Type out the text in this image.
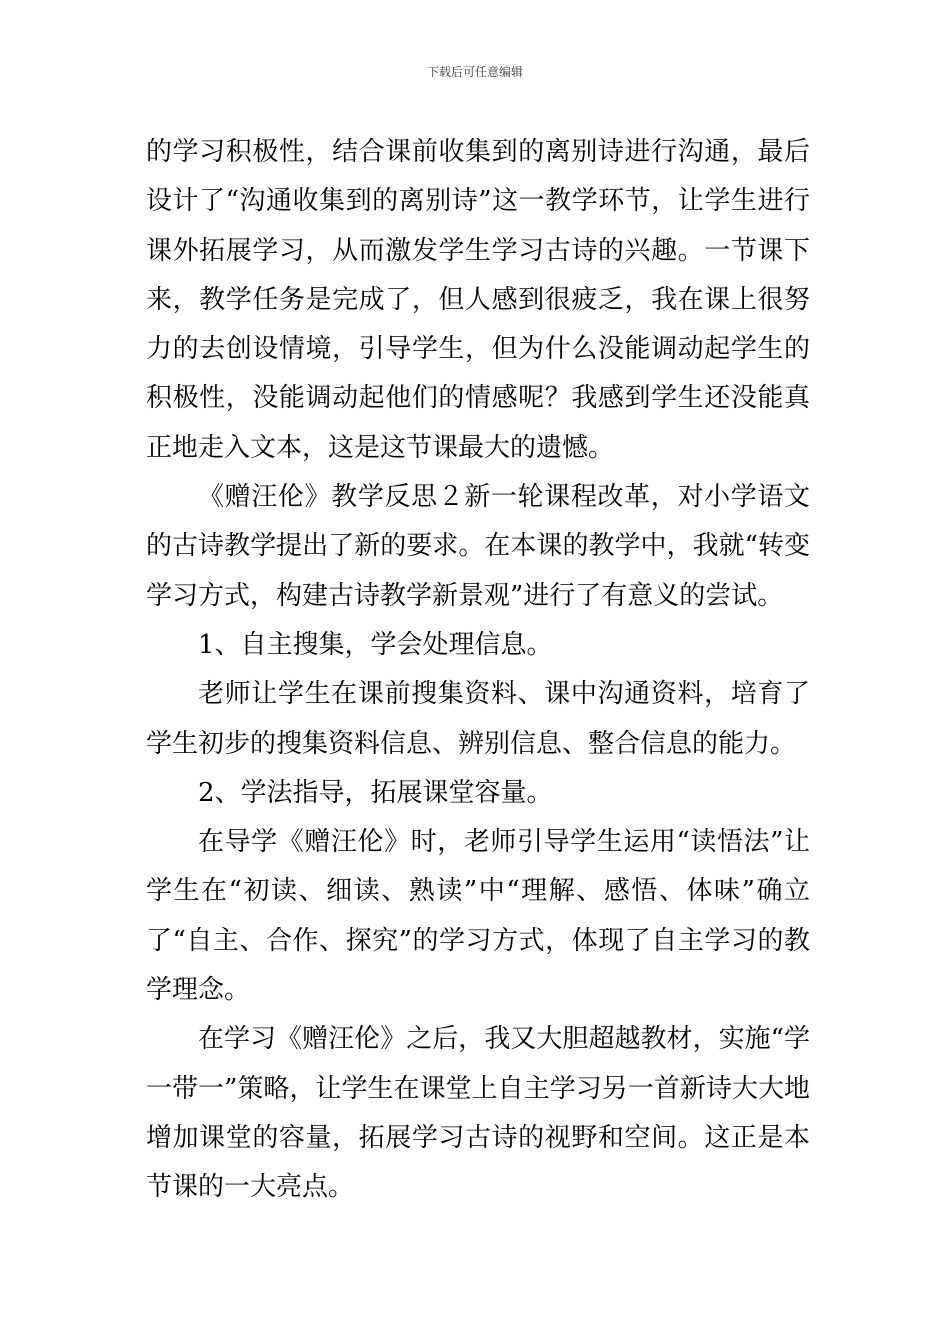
下载后可任意编辑

的学习积极性，结合课前收集到的离别诗进行沟通，最后设计了“沟通收集到的离别诗”这一教学环节，让学生进行课外拓展学习，从而激发学生学习古诗的兴趣。一节课下来，教学任务是完成了，但人感到很疲乏，我在课上很努力的去创设情境，引导学生，但为什么没能调动起学生的积极性，没能调动起他们的情感呢？我感到学生还没能真正地走入文本，这是这节课最大的遗憾。

《赠汪伦》教学反思２新一轮课程改革，对小学语文的古诗教学提出了新的要求。在本课的教学中，我就“转变学习方式，构建古诗教学新景观”进行了有意义的尝试。

1、自主搜集，学会处理信息。

老师让学生在课前搜集资料、课中沟通资料，培育了学生初步的搜集资料信息、辨别信息、整合信息的能力。

2、学法指导，拓展课堂容量。

在导学《赠汪伦》时，老师引导学生运用“读悟法”让学生在“初读、细读、熟读”中“理解、感悟、体味”确立了“自主、合作、探究”的学习方式，体现了自主学习的教学理念。

在学习《赠汪伦》之后，我又大胆超越教材，实施“学一带一”策略，让学生在课堂上自主学习另一首新诗大大地增加课堂的容量，拓展学习古诗的视野和空间。这正是本节课的一大亮点。
